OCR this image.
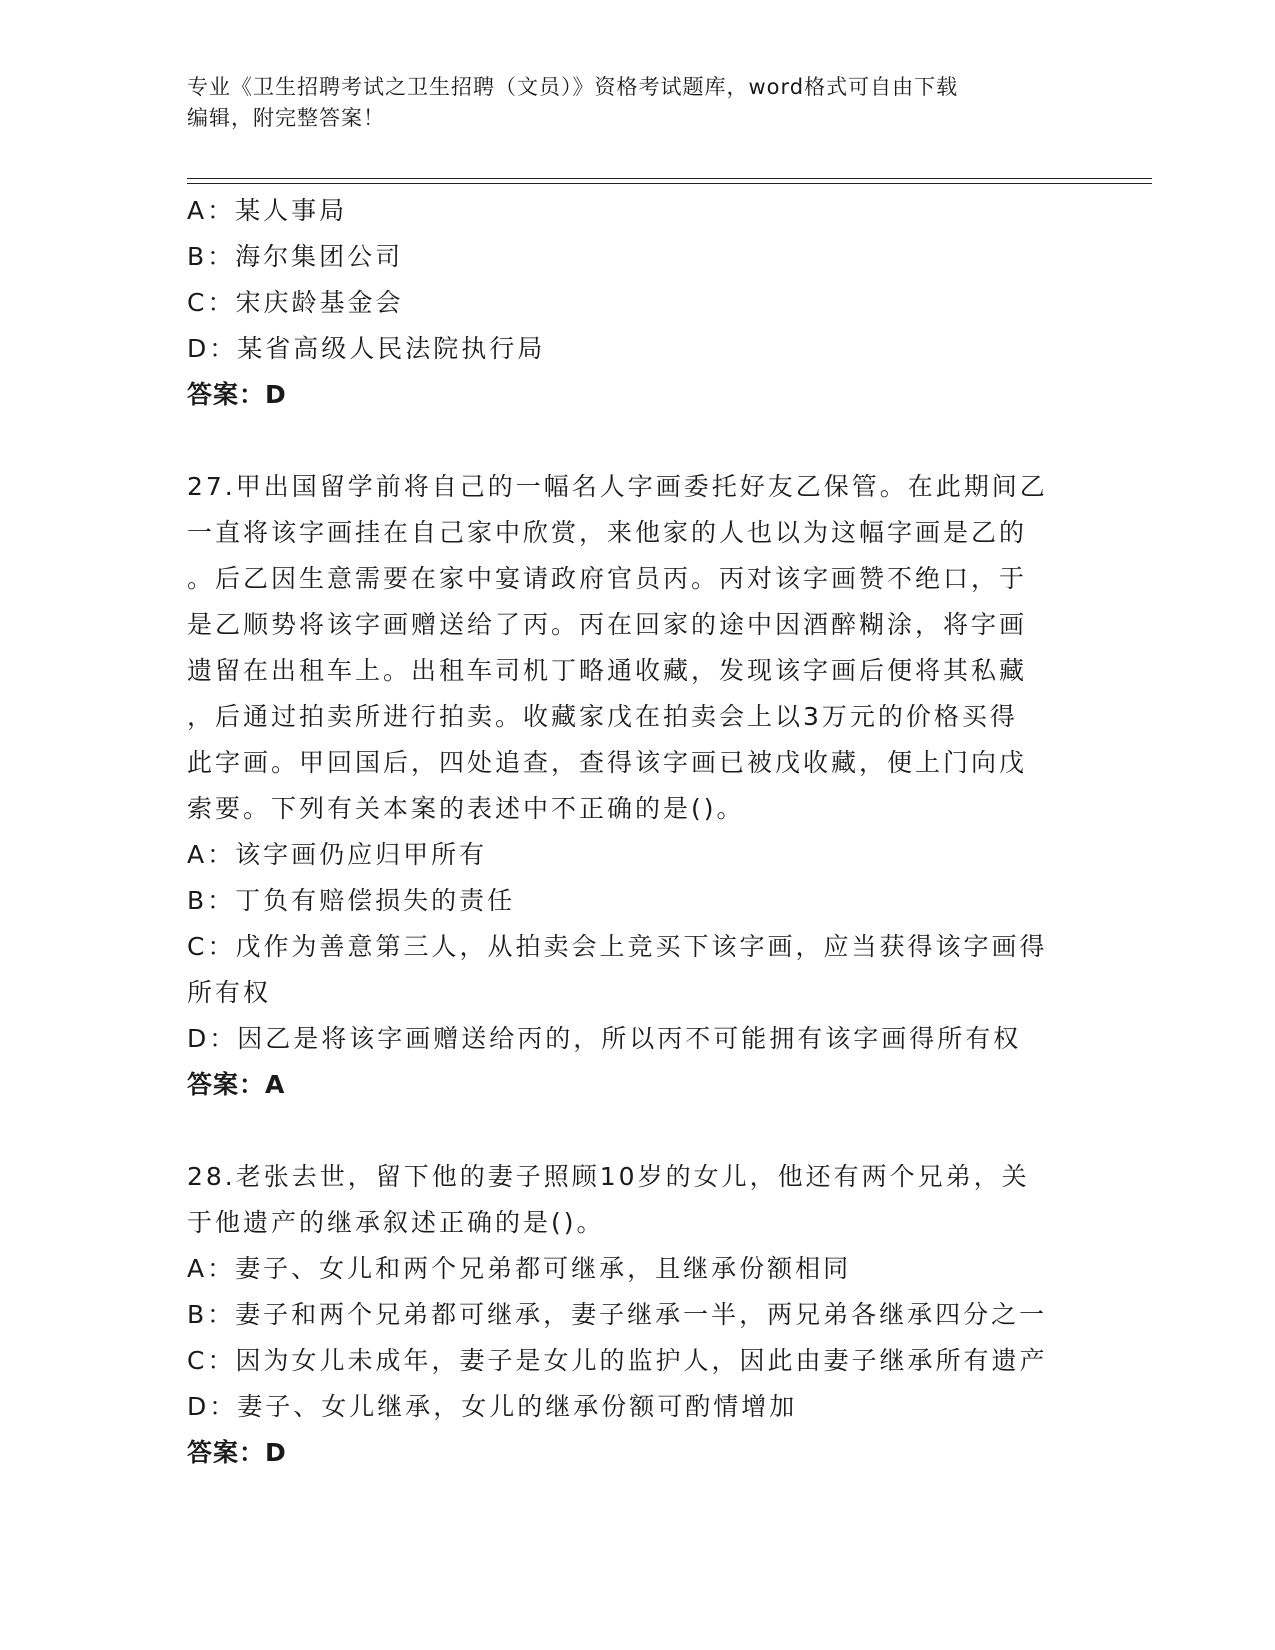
专业《卫生招聘考试之卫生招聘（文员）》资格考试题库，word格式可自由下载
编辑，附完整答案！
A：某人事局
B：海尔集团公司
C：宋庆龄基金会
D：某省高级人民法院执行局
答案：D
27.甲出国留学前将自己的一幅名人字画委托好友乙保管。在此期间乙
一直将该字画挂在自己家中欣赏，来他家的人也以为这幅字画是乙的
。后乙因生意需要在家中宴请政府官员丙。丙对该字画赞不绝口，于
是乙顺势将该字画赠送给了丙。丙在回家的途中因酒醉糊涂，将字画
遗留在出租车上。出租车司机丁略通收藏，发现该字画后便将其私藏
，后通过拍卖所进行拍卖。收藏家戊在拍卖会上以3万元的价格买得
此字画。甲回国后，四处追查，查得该字画已被戊收藏，便上门向戊
索要。下列有关本案的表述中不正确的是()。
A：该字画仍应归甲所有
B：丁负有赔偿损失的责任
C：戊作为善意第三人，从拍卖会上竞买下该字画，应当获得该字画得
所有权
D：因乙是将该字画赠送给丙的，所以丙不可能拥有该字画得所有权
答案：A
28.老张去世，留下他的妻子照顾10岁的女儿，他还有两个兄弟，关
于他遗产的继承叙述正确的是()。
A：妻子、女儿和两个兄弟都可继承，且继承份额相同
B：妻子和两个兄弟都可继承，妻子继承一半，两兄弟各继承四分之一
C：因为女儿未成年，妻子是女儿的监护人，因此由妻子继承所有遗产
D：妻子、女儿继承，女儿的继承份额可酌情增加
答案：D
